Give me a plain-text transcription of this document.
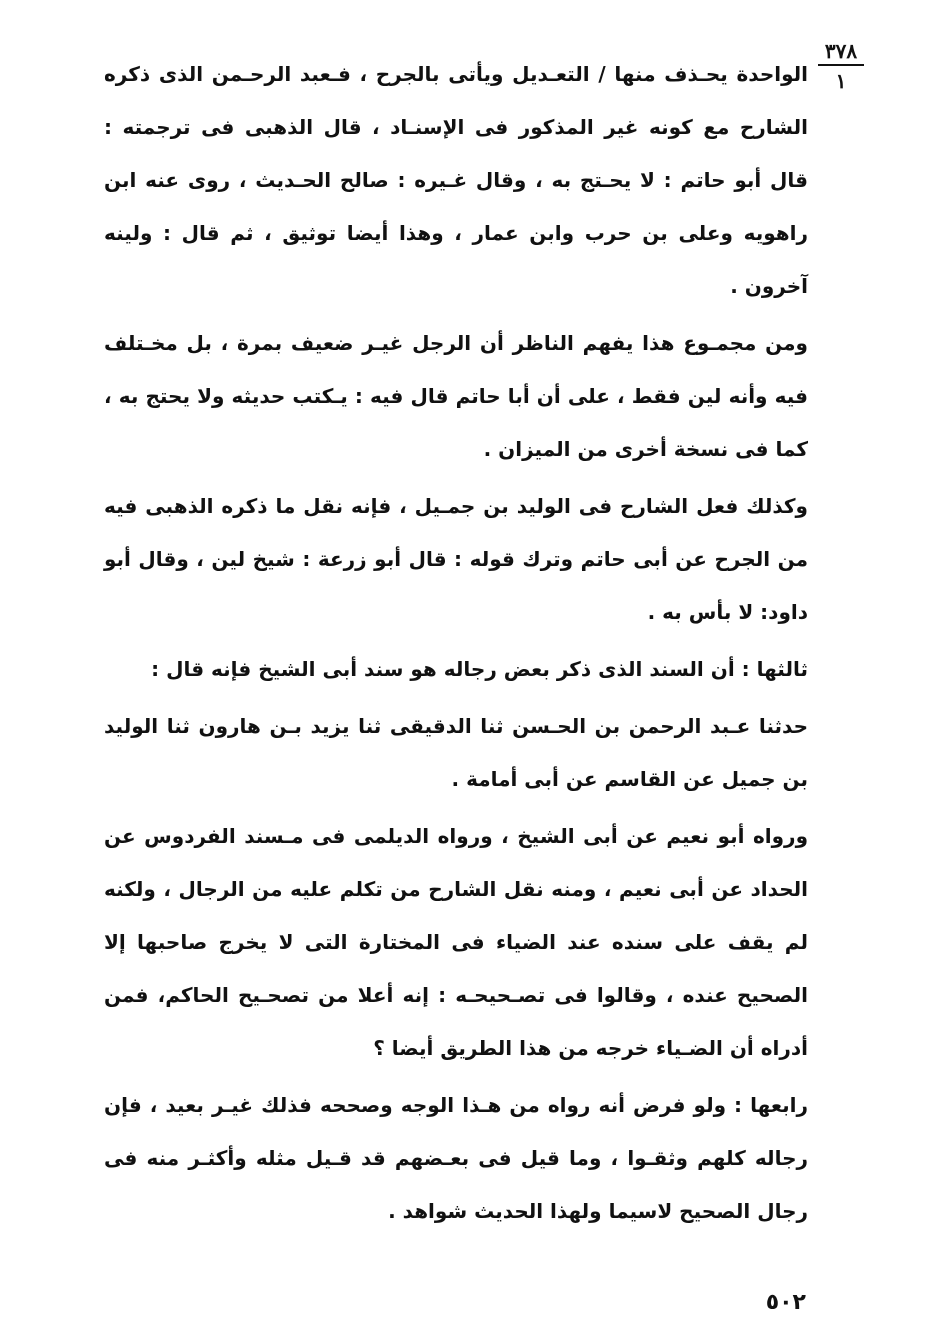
٣٧٨
١

الواحدة يحـذف منها / التعـديل ويأتى بالجرح ، فـعبد الرحـمن الذى ذكره الشارح مع كونه غير المذكور فى الإسنـاد ، قال الذهبى فى ترجمته : قال أبو حاتم : لا يحـتج به ، وقال غـيره : صالح الحـديث ، روى عنه ابن راهويه وعلى بن حرب وابن عمار ، وهذا أيضا توثيق ، ثم قال : ولينه آخرون .

ومن مجمـوع هذا يفهم الناظر أن الرجل غيـر ضعيف بمرة ، بل مخـتلف فيه وأنه لين فقط ، على أن أبا حاتم قال فيه : يـكتب حديثه ولا يحتج به ، كما فى نسخة أخرى من الميزان .

وكذلك فعل الشارح فى الوليد بن جمـيل ، فإنه نقل ما ذكره الذهبى فيه من الجرح عن أبى حاتم وترك قوله : قال أبو زرعة : شيخ لين ، وقال أبو داود: لا بأس به .

ثالثها : أن السند الذى ذكر بعض رجاله هو سند أبى الشيخ فإنه قال :

حدثنا عـبد الرحمن بن الحـسن ثنا الدقيقى ثنا يزيد بـن هارون ثنا الوليد بن جميل عن القاسم عن أبى أمامة .

ورواه أبو نعيم عن أبى الشيخ ، ورواه الديلمى فى مـسند الفردوس عن الحداد عن أبى نعيم ، ومنه نقل الشارح من تكلم عليه من الرجال ، ولكنه لم يقف على سنده عند الضياء فى المختارة التى لا يخرج صاحبها إلا الصحيح عنده ، وقالوا فى تصـحيحـه : إنه أعلا من تصحـيح الحاكم، فمن أدراه أن الضـياء خرجه من هذا الطريق أيضا ؟

رابعها : ولو فرض أنه رواه من هـذا الوجه وصححه فذلك غيـر بعيد ، فإن رجاله كلهم وثقـوا ، وما قيل فى بعـضهم قد قـيل مثله وأكثـر منه فى رجال الصحيح لاسيما ولهذا الحديث شواهد .

٥٠٢
